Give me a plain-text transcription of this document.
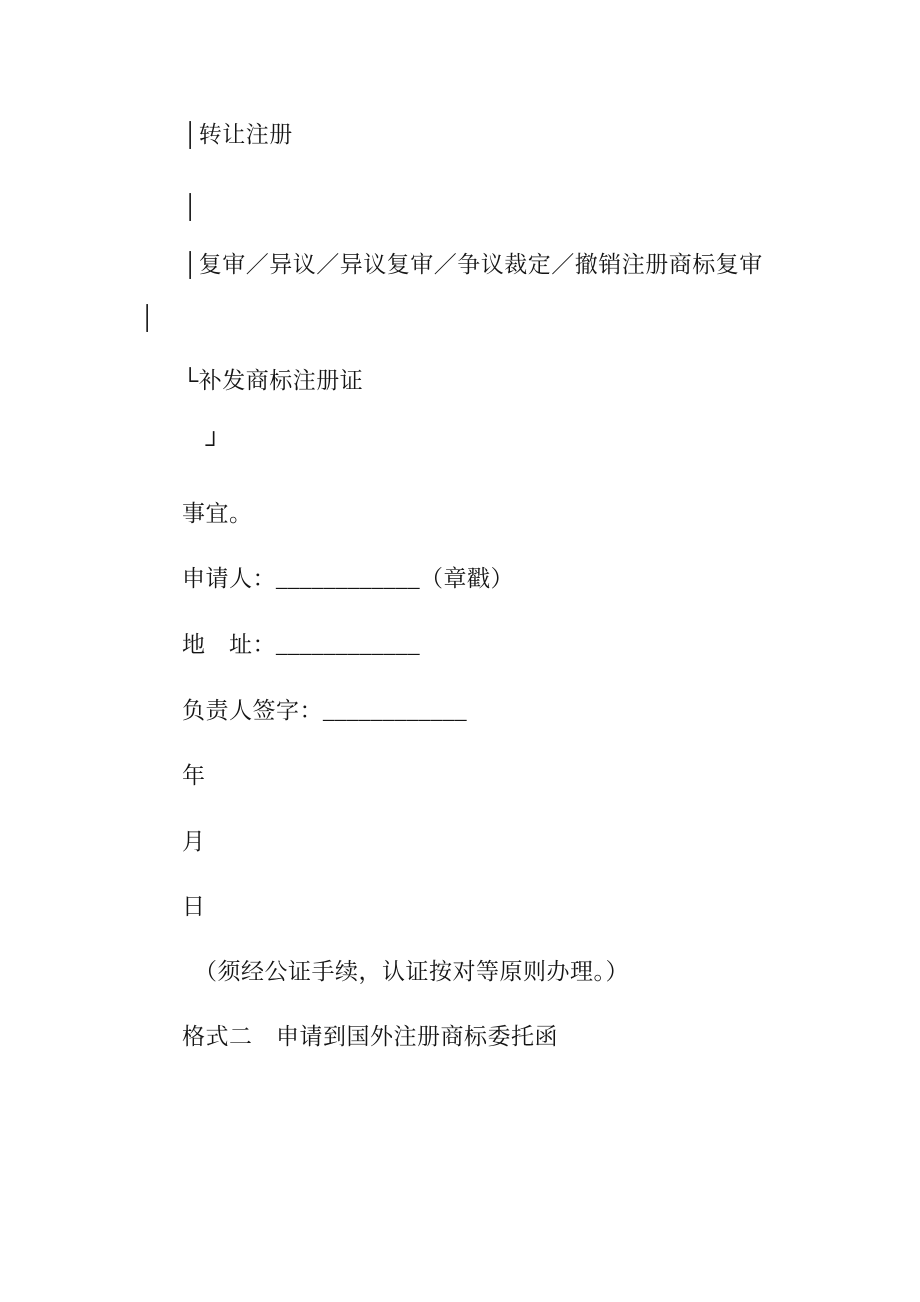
│转让注册
│
│复审／异议／异议复审／争议裁定／撤销注册商标复审
│
└补发商标注册证
　┘
事宜。
申请人：____________（章戳）
地　址：____________
负责人签字：____________
年
月
日
　（须经公证手续，认证按对等原则办理。）
格式二　申请到国外注册商标委托函
